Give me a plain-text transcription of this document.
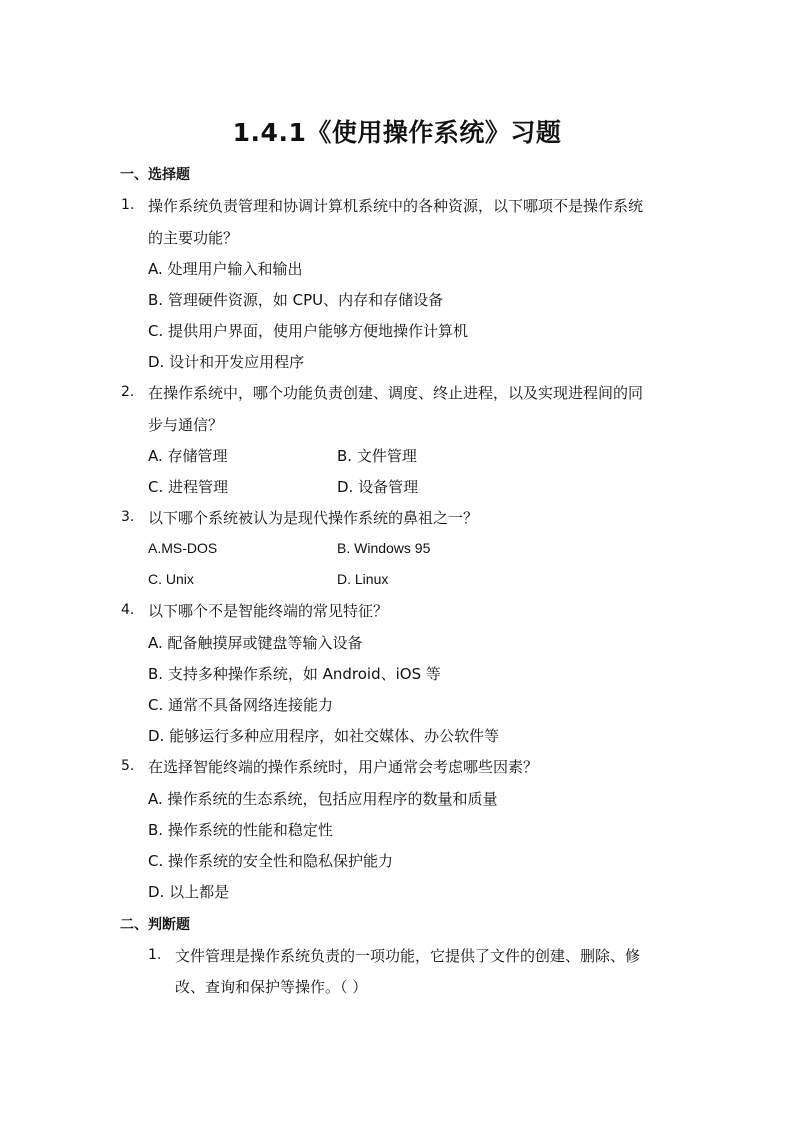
1.4.1《使用操作系统》习题
一、选择题
1. 操作系统负责管理和协调计算机系统中的各种资源，以下哪项不是操作系统
的主要功能？
A. 处理用户输入和输出
B. 管理硬件资源，如 CPU、内存和存储设备
C. 提供用户界面，使用户能够方便地操作计算机
D. 设计和开发应用程序
2. 在操作系统中，哪个功能负责创建、调度、终止进程，以及实现进程间的同
步与通信？
A. 存储管理	B. 文件管理
C. 进程管理	D. 设备管理
3. 以下哪个系统被认为是现代操作系统的鼻祖之一？
A.MS-DOS	B. Windows 95
C. Unix	D. Linux
4. 以下哪个不是智能终端的常见特征？
A. 配备触摸屏或键盘等输入设备
B. 支持多种操作系统，如 Android、iOS 等
C. 通常不具备网络连接能力
D. 能够运行多种应用程序，如社交媒体、办公软件等
5. 在选择智能终端的操作系统时，用户通常会考虑哪些因素？
A. 操作系统的生态系统，包括应用程序的数量和质量
B. 操作系统的性能和稳定性
C. 操作系统的安全性和隐私保护能力
D. 以上都是
二、判断题
1. 文件管理是操作系统负责的一项功能，它提供了文件的创建、删除、修
改、查询和保护等操作。（ ）
